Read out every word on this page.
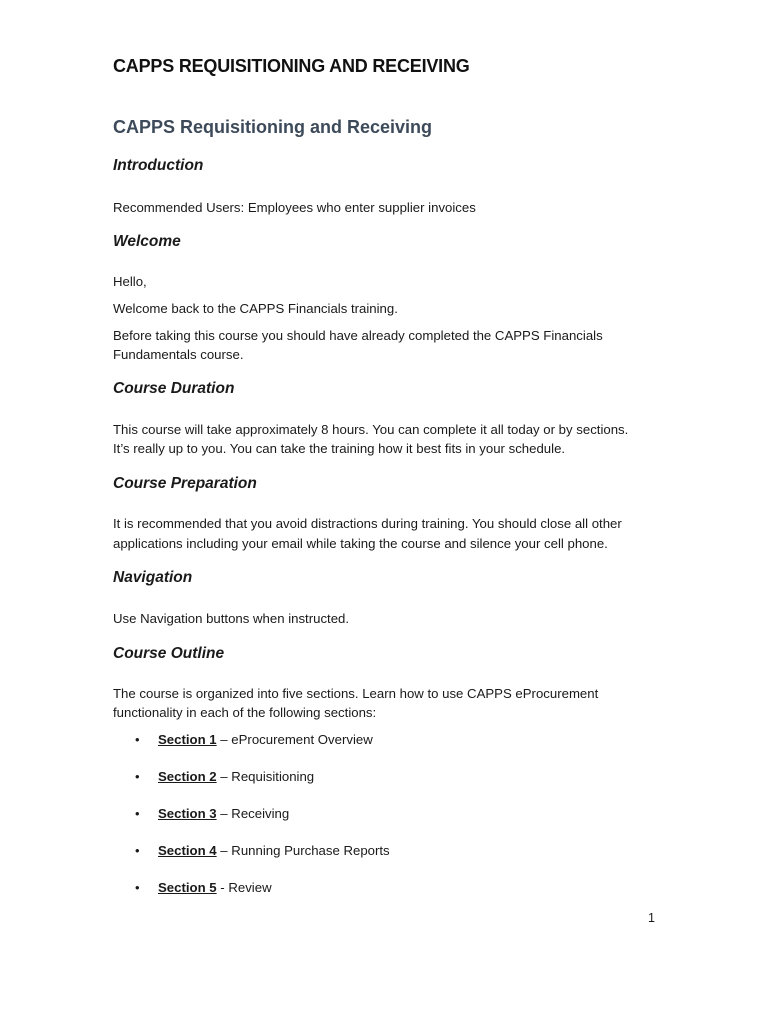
CAPPS REQUISITIONING AND RECEIVING
CAPPS Requisitioning and Receiving
Introduction

Recommended Users: Employees who enter supplier invoices

Welcome

Hello,

Welcome back to the CAPPS Financials training.

Before taking this course you should have already completed the CAPPS Financials

Fundamentals course.

Course Duration

This course will take approximately 8 hours. You can complete it all today or by sections.

It’s really up to you. You can take the training how it best fits in your schedule.

Course Preparation

It is recommended that you avoid distractions during training. You should close all other

applications including your email while taking the course and silence your cell phone.

Navigation

Use Navigation buttons when instructed.

Course Outline

The course is organized into five sections. Learn how to use CAPPS eProcurement

functionality in each of the following sections:

• Section 1 – eProcurement Overview
• Section 2 – Requisitioning
• Section 3 – Receiving
• Section 4 – Running Purchase Reports
• Section 5 - Review
1
